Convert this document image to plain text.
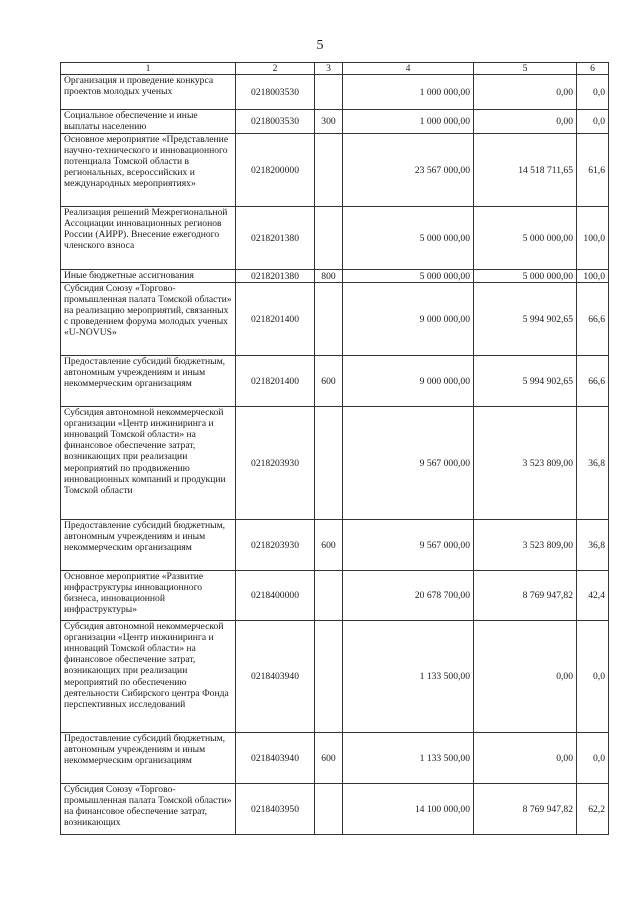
5
1	2	3	4	5	6
Организация и проведение конкурса проектов молодых ученых	0218003530		1 000 000,00	0,00	0,0
Социальное обеспечение и иные выплаты населению	0218003530	300	1 000 000,00	0,00	0,0
Основное мероприятие «Представление научно-технического и инновационного потенциала Томской области в региональных, всероссийских и международных мероприятиях»	0218200000		23 567 000,00	14 518 711,65	61,6
Реализация решений Межрегиональной Ассоциации инновационных регионов России (АИРР). Внесение ежегодного членского взноса	0218201380		5 000 000,00	5 000 000,00	100,0
Иные бюджетные ассигнования	0218201380	800	5 000 000,00	5 000 000,00	100,0
Субсидия Союзу «Торгово-промышленная палата Томской области» на реализацию мероприятий, связанных с проведением форума молодых ученых «U-NOVUS»	0218201400		9 000 000,00	5 994 902,65	66,6
Предоставление субсидий бюджетным, автономным учреждениям и иным некоммерческим организациям	0218201400	600	9 000 000,00	5 994 902,65	66,6
Субсидия автономной некоммерческой организации «Центр инжиниринга и инноваций Томской области» на финансовое обеспечение затрат, возникающих при реализации мероприятий по продвижению инновационных компаний и продукции Томской области	0218203930		9 567 000,00	3 523 809,00	36,8
Предоставление субсидий бюджетным, автономным учреждениям и иным некоммерческим организациям	0218203930	600	9 567 000,00	3 523 809,00	36,8
Основное мероприятие «Развитие инфраструктуры инновационного бизнеса, инновационной инфраструктуры»	0218400000		20 678 700,00	8 769 947,82	42,4
Субсидия автономной некоммерческой организации «Центр инжиниринга и инноваций Томской области» на финансовое обеспечение затрат, возникающих при реализации мероприятий по обеспечению деятельности Сибирского центра Фонда перспективных исследований	0218403940		1 133 500,00	0,00	0,0
Предоставление субсидий бюджетным, автономным учреждениям и иным некоммерческим организациям	0218403940	600	1 133 500,00	0,00	0,0
Субсидия Союзу «Торгово-промышленная палата Томской области» на финансовое обеспечение затрат, возникающих	0218403950		14 100 000,00	8 769 947,82	62,2
